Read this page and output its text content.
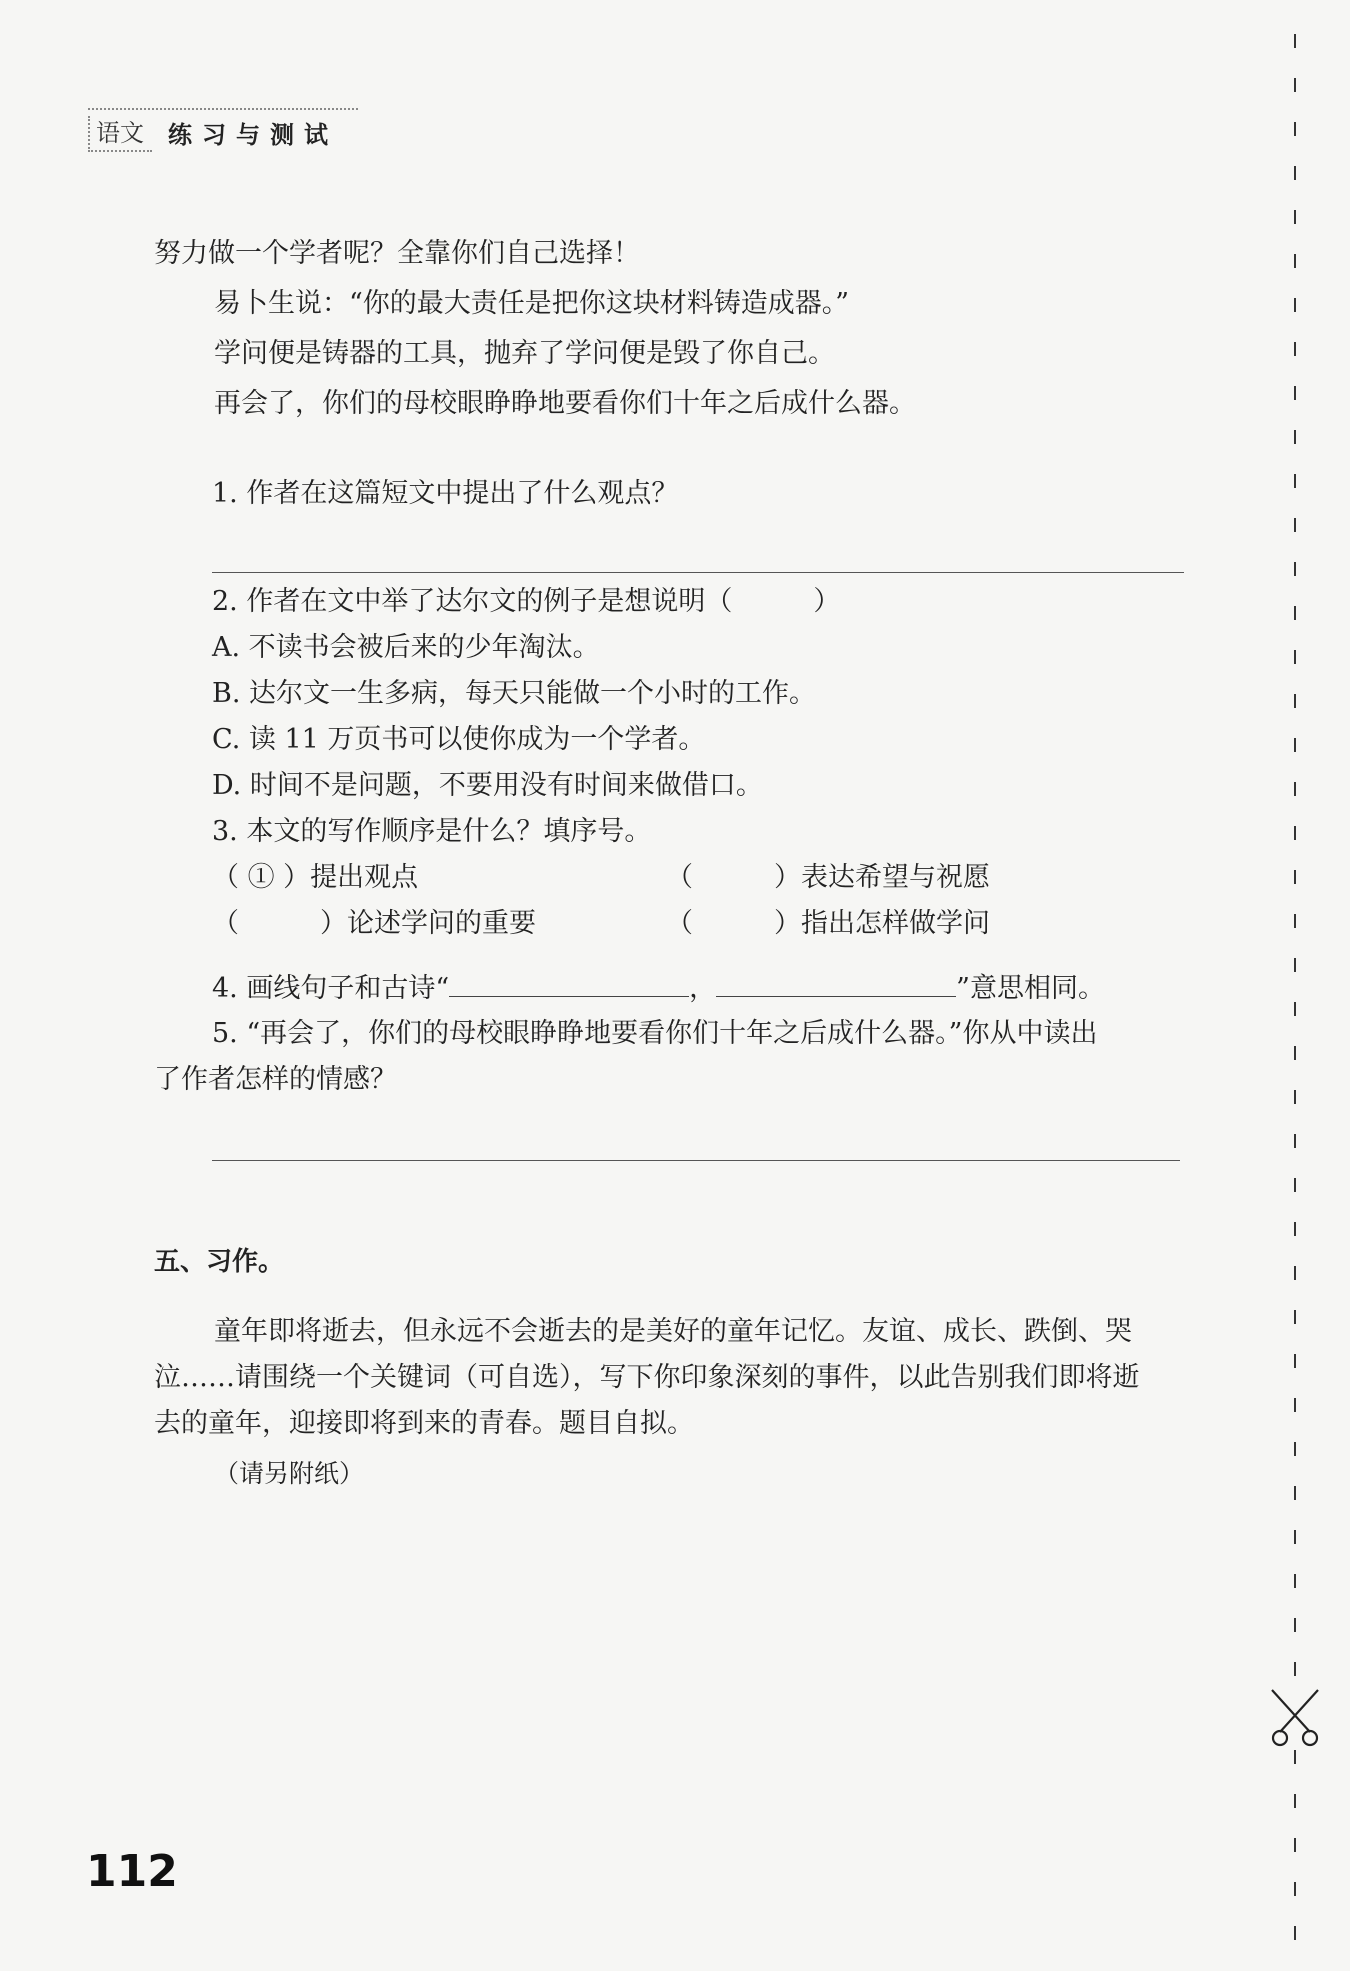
语文	练习与测试
努力做一个学者呢？全靠你们自己选择！
易卜生说：“你的最大责任是把你这块材料铸造成器。”
学问便是铸器的工具，抛弃了学问便是毁了你自己。
再会了，你们的母校眼睁睁地要看你们十年之后成什么器。
1. 作者在这篇短文中提出了什么观点？
2. 作者在文中举了达尔文的例子是想说明（　　　）
A. 不读书会被后来的少年淘汰。
B. 达尔文一生多病，每天只能做一个小时的工作。
C. 读 11 万页书可以使你成为一个学者。
D. 时间不是问题，不要用没有时间来做借口。
3. 本文的写作顺序是什么？填序号。
（ ① ）提出观点	（　　　）表达希望与祝愿
（　　　）论述学问的重要	（　　　）指出怎样做学问
4. 画线句子和古诗“	，	”意思相同。
5. “再会了，你们的母校眼睁睁地要看你们十年之后成什么器。”你从中读出
了作者怎样的情感？
五、习作。
童年即将逝去，但永远不会逝去的是美好的童年记忆。友谊、成长、跌倒、哭
泣……请围绕一个关键词（可自选），写下你印象深刻的事件，以此告别我们即将逝
去的童年，迎接即将到来的青春。题目自拟。
（请另附纸）
112
